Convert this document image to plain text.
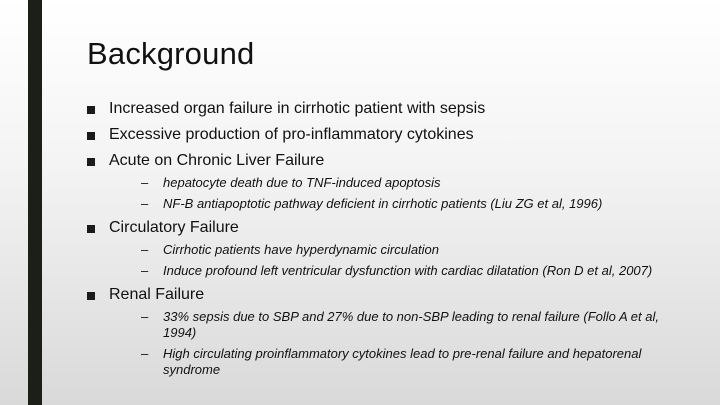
Background
Increased organ failure in cirrhotic patient with sepsis
Excessive production of pro-inflammatory cytokines
Acute on Chronic Liver Failure
– hepatocyte death due to TNF-induced apoptosis
– NF-B antiapoptotic pathway deficient in cirrhotic patients (Liu ZG et al, 1996)
Circulatory Failure
– Cirrhotic patients have hyperdynamic circulation
– Induce profound left ventricular dysfunction with cardiac dilatation (Ron D et al, 2007)
Renal Failure
– 33% sepsis due to SBP and 27% due to non-SBP leading to renal failure (Follo A et al, 1994)
– High circulating proinflammatory cytokines lead to pre-renal failure and hepatorenal syndrome
